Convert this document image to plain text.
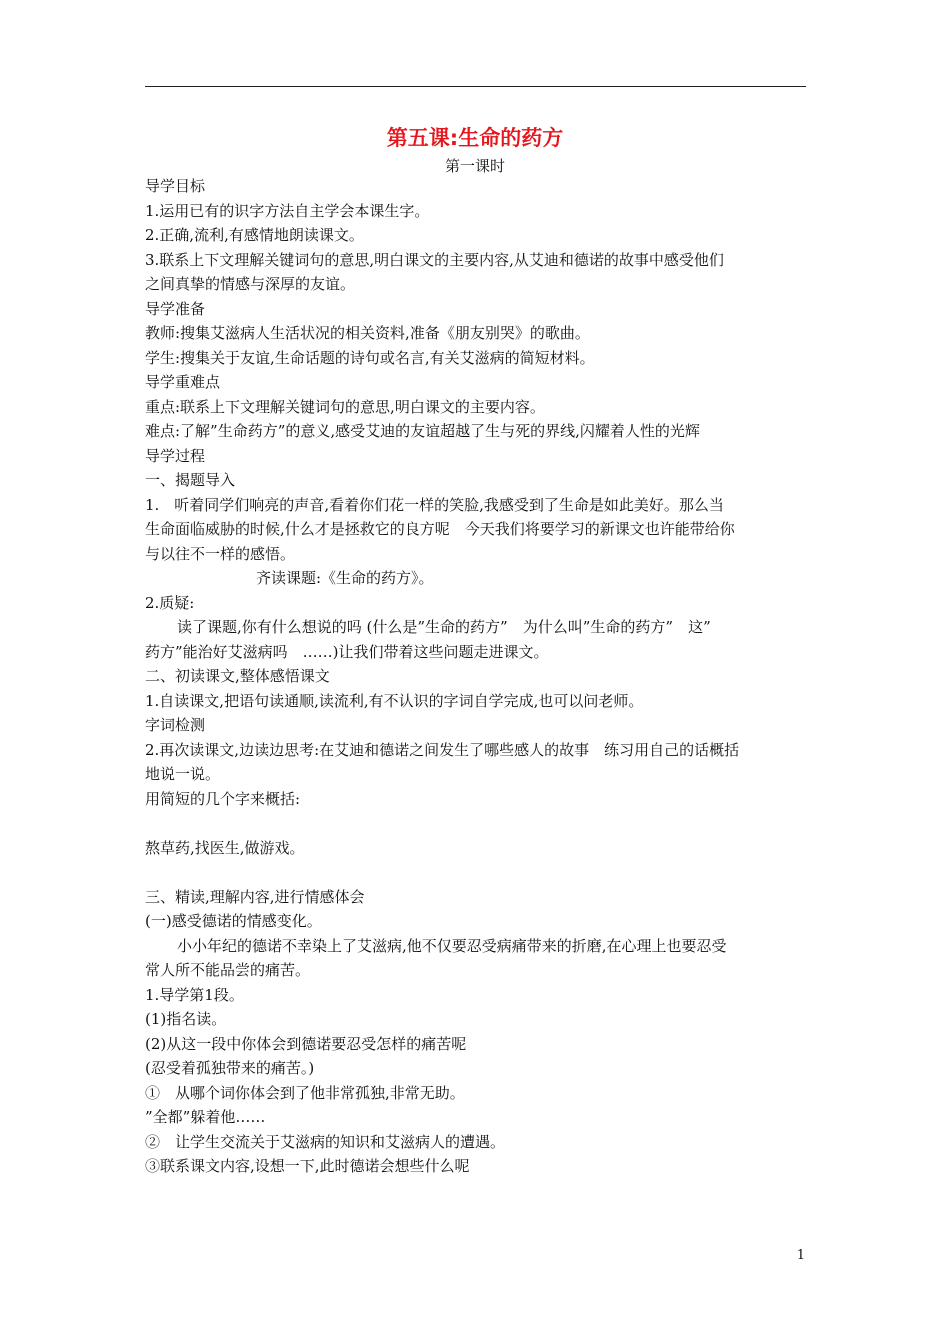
第五课:生命的药方
第一课时

导学目标

1.运用已有的识字方法自主学会本课生字。

2.正确,流利,有感情地朗读课文。

3.联系上下文理解关键词句的意思,明白课文的主要内容,从艾迪和德诺的故事中感受他们

之间真挚的情感与深厚的友谊。

导学准备

教师:搜集艾滋病人生活状况的相关资料,准备《朋友别哭》的歌曲。

学生:搜集关于友谊,生命话题的诗句或名言,有关艾滋病的简短材料。

导学重难点

重点:联系上下文理解关键词句的意思,明白课文的主要内容。

难点:了解”生命药方”的意义,感受艾迪的友谊超越了生与死的界线,闪耀着人性的光辉

导学过程

一、揭题导入

1.　听着同学们响亮的声音,看着你们花一样的笑脸,我感受到了生命是如此美好。那么当

生命面临威胁的时候,什么才是拯救它的良方呢　今天我们将要学习的新课文也许能带给你

与以往不一样的感悟。

齐读课题:《生命的药方》。

2.质疑:

读了课题,你有什么想说的吗 (什么是”生命的药方”　为什么叫”生命的药方”　这”

药方”能治好艾滋病吗　……)让我们带着这些问题走进课文。

二、初读课文,整体感悟课文

1.自读课文,把语句读通顺,读流利,有不认识的字词自学完成,也可以问老师。

字词检测

2.再次读课文,边读边思考:在艾迪和德诺之间发生了哪些感人的故事　练习用自己的话概括

地说一说。

用简短的几个字来概括:

熬草药,找医生,做游戏。

三、精读,理解内容,进行情感体会

(一)感受德诺的情感变化。

小小年纪的德诺不幸染上了艾滋病,他不仅要忍受病痛带来的折磨,在心理上也要忍受

常人所不能品尝的痛苦。

1.导学第1段。

(1)指名读。

(2)从这一段中你体会到德诺要忍受怎样的痛苦呢

(忍受着孤独带来的痛苦。)

①　从哪个词你体会到了他非常孤独,非常无助。

”全都”躲着他……

②　让学生交流关于艾滋病的知识和艾滋病人的遭遇。

③联系课文内容,设想一下,此时德诺会想些什么呢

1
